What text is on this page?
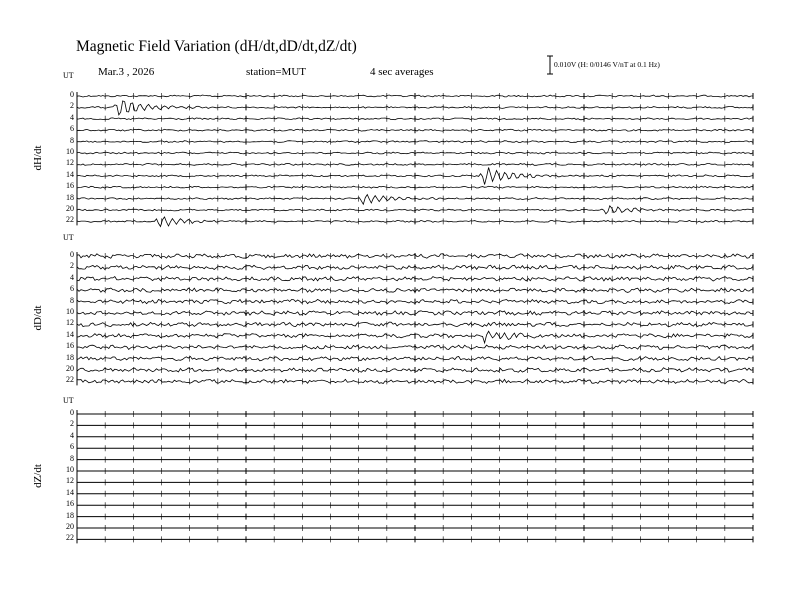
Magnetic Field Variation (dH/dt,dD/dt,dZ/dt)
Mar.3 , 2026	station=MUT	4 sec averages
0.010V (H: 0/0146 V/nT at 0.1 Hz)
UT
dH/dt
0
2
4
6
8
10
12
14
16
18
20
22
UT
dD/dt
0
2
4
6
8
10
12
14
16
18
20
22
UT
dZ/dt
0
2
4
6
8
10
12
14
16
18
20
22
